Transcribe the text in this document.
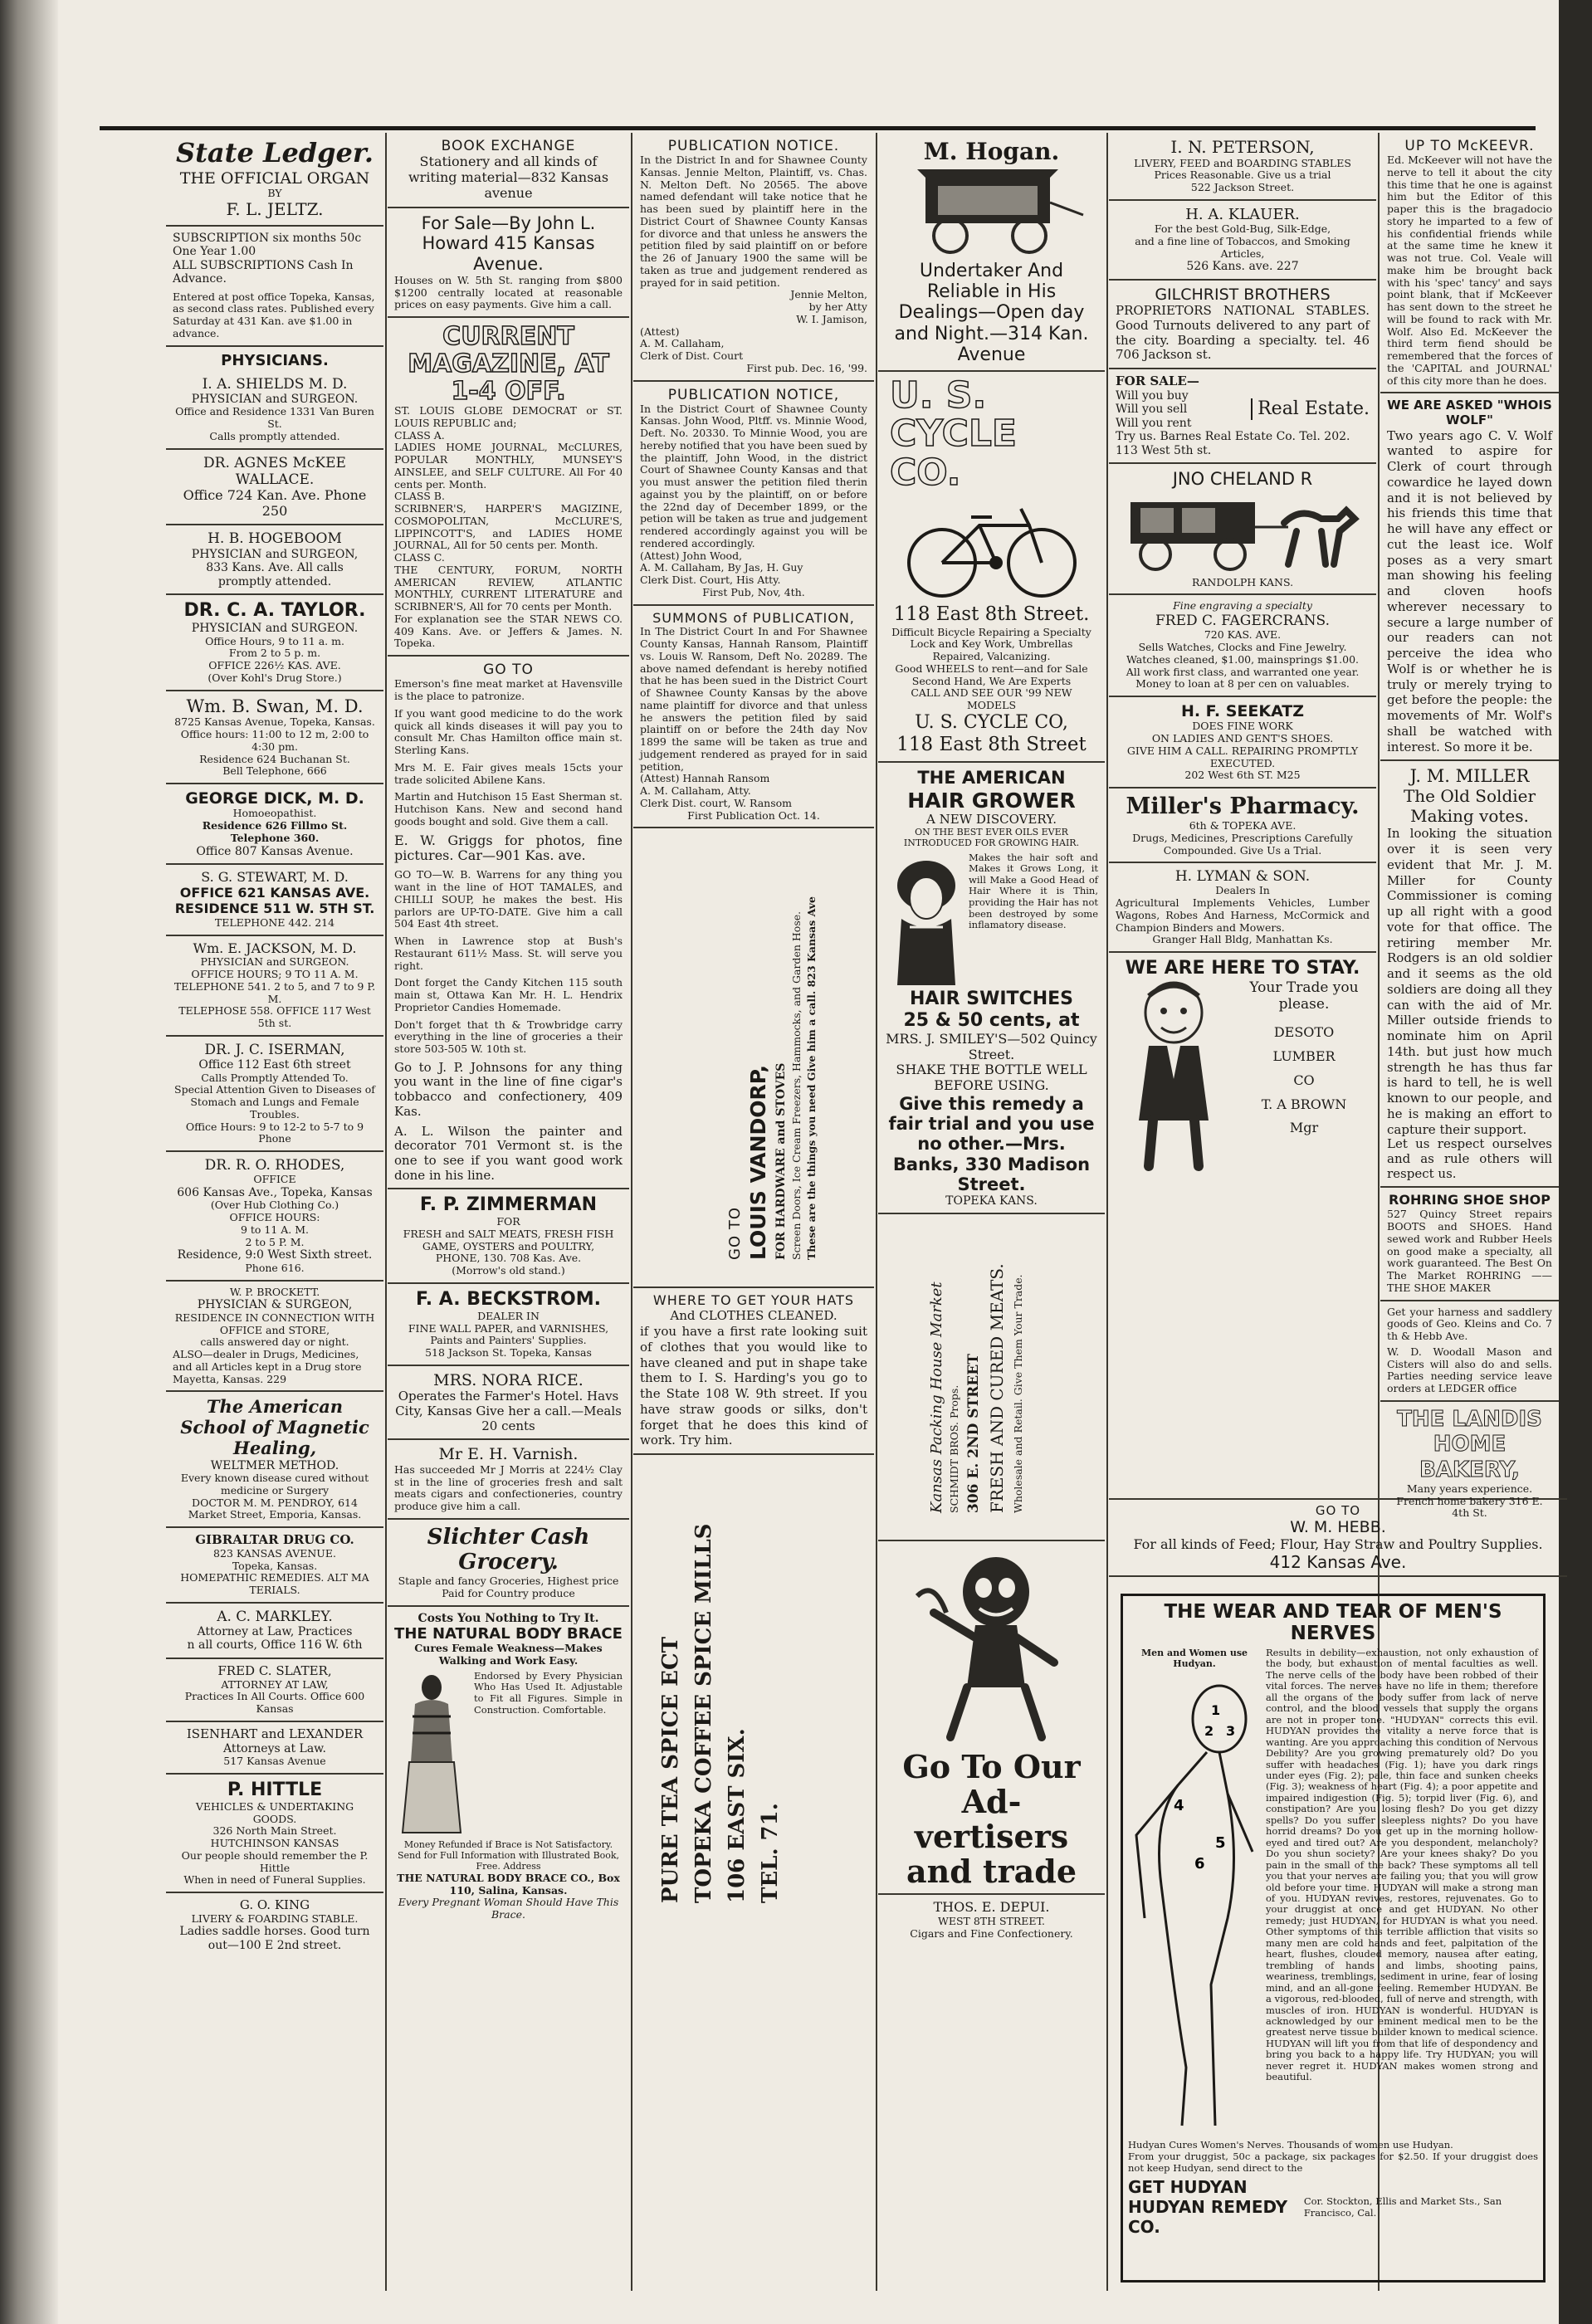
State Ledger.
THE OFFICIAL ORGAN
BY
F. L. JELTZ.
SUBSCRIPTION six months 50c
One Year 1.00
ALL SUBSCRIPTIONS Cash In Advance.
Entered at post office Topeka, Kansas, as second class rates. Published every Saturday at 431 Kan. ave $1.00 in advance.
PHYSICIANS.
I. A. SHIELDS M. D.
PHYSICIAN and SURGEON.
Office and Residence 1331 Van Buren St.
Calls promptly attended.
DR. AGNES McKEE WALLACE.
Office 724 Kan. Ave. Phone 250
H. B. HOGEBOOM
PHYSICIAN and SURGEON,
833 Kans. Ave. All calls
promptly attended.
DR. C. A. TAYLOR.
PHYSICIAN and SURGEON.
Office Hours, 9 to 11 a. m.
From 2 to 5 p. m.
OFFICE 226½ KAS. AVE.
(Over Kohl's Drug Store.)
Wm. B. Swan, M. D.
8725 Kansas Avenue, Topeka, Kansas.
Office hours: 11:00 to 12 m, 2:00 to 4:30 pm.
Residence 624 Buchanan St.
Bell Telephone, 666
GEORGE DICK, M. D.
Homoeopathist.
Residence 626 Fillmo St.
Telephone 360.
Office 807 Kansas Avenue.
S. G. STEWART, M. D.
OFFICE 621 KANSAS AVE.
RESIDENCE 511 W. 5TH ST.
TELEPHONE 442. 214
Wm. E. JACKSON, M. D.
PHYSICIAN and SURGEON.
OFFICE HOURS; 9 TO 11 A. M.
TELEPHONE 541. 2 to 5, and 7 to 9 P. M.
TELEPHOSE 558. OFFICE 117 West 5th st.
DR. J. C. ISERMAN,
Office 112 East 6th street
Calls Promptly Attended To.
Special Attention Given to Diseases of Stomach and Lungs and Female Troubles.
Office Hours: 9 to 12-2 to 5-7 to 9
Phone
DR. R. O. RHODES,
OFFICE
606 Kansas Ave., Topeka, Kansas
(Over Hub Clothing Co.)
OFFICE HOURS:
9 to 11 A. M.
2 to 5 P. M.
Residence, 9:0 West Sixth street.
Phone 616.
W. P. BROCKETT.
PHYSICIAN & SURGEON,
RESIDENCE IN CONNECTION WITH OFFICE and STORE,
calls answered day or night.
ALSO—dealer in Drugs, Medicines, and all Articles kept in a Drug store Mayetta, Kansas. 229
The American School of Magnetic Healing,
WELTMER METHOD.
Every known disease cured without medicine or Surgery
DOCTOR M. M. PENDROY, 614 Market Street, Emporia, Kansas.
GIBRALTAR DRUG CO.
823 KANSAS AVENUE.
Topeka, Kansas.
HOMEPATHIC REMEDIES. ALT MA TERIALS.
A. C. MARKLEY.
Attorney at Law, Practices
n all courts, Office 116 W. 6th
FRED C. SLATER,
ATTORNEY AT LAW,
Practices In All Courts. Office 600 Kansas
ISENHART and LEXANDER
Attorneys at Law.
517 Kansas Avenue
P. HITTLE
VEHICLES & UNDERTAKING GOODS.
326 North Main Street.
HUTCHINSON KANSAS
Our people should remember the P. Hittle
When in need of Funeral Supplies.
G. O. KING
LIVERY & FOARDING STABLE.
Ladies saddle horses. Good turn out—100 E 2nd street.
BOOK EXCHANGE
Stationery and all kinds of writing material—832 Kansas avenue
For Sale—By John L. Howard 415 Kansas Avenue.
Houses on W. 5th St. ranging from $800 $1200 centrally located at reasonable prices on easy payments. Give him a call.
CURRENT MAGAZINE, AT 1-4 OFF.
ST. LOUIS GLOBE DEMOCRAT or ST. LOUIS REPUBLIC and;
CLASS A.
LADIES HOME JOURNAL, McCLURES, POPULAR MONTHLY, MUNSEY'S AINSLEE, and SELF CULTURE. All For 40 cents per. Month.
CLASS B.
SCRIBNER'S, HARPER'S MAGIZINE, COSMOPOLITAN, McCLURE'S, LIPPINCOTT'S, and LADIES HOME JOURNAL, All for 50 cents per. Month.
CLASS C.
THE CENTURY, FORUM, NORTH AMERICAN REVIEW, ATLANTIC MONTHLY, CURRENT LITERATURE and SCRIBNER'S, All for 70 cents per Month.
For explanation see the STAR NEWS CO. 409 Kans. Ave. or Jeffers & James. N. Topeka.
GO TO
Emerson's fine meat market at Havensville is the place to patronize.
If you want good medicine to do the work quick all kinds diseases it will pay you to consult Mr. Chas Hamilton office main st. Sterling Kans.
Mrs M. E. Fair gives meals 15cts your trade solicited Abilene Kans.
Martin and Hutchison 15 East Sherman st. Hutchison Kans. New and second hand goods bought and sold. Give them a call.
E. W. Griggs for photos, fine pictures. Car—901 Kas. ave.
GO TO—W. B. Warrens for any thing you want in the line of HOT TAMALES, and CHILLI SOUP, he makes the best. His parlors are UP-TO-DATE. Give him a call 504 East 4th street.
When in Lawrence stop at Bush's Restaurant 611½ Mass. St. will serve you right.
Dont forget the Candy Kitchen 115 south main st, Ottawa Kan Mr. H. L. Hendrix Proprietor Candies Homemade.
Don't forget that th & Trowbridge carry everything in the line of groceries a their store 503-505 W. 10th st.
Go to J. P. Johnsons for any thing you want in the line of fine cigar's tobbacco and confectionery, 409 Kas.
A. L. Wilson the painter and decorator 701 Vermont st. is the one to see if you want good work done in his line.
F. P. ZIMMERMAN
FOR
FRESH and SALT MEATS, FRESH FISH GAME, OYSTERS and POULTRY,
PHONE, 130. 708 Kas. Ave.
(Morrow's old stand.)
F. A. BECKSTROM.
DEALER IN
FINE WALL PAPER, and VARNISHES, Paints and Painters' Supplies.
518 Jackson St. Topeka, Kansas
MRS. NORA RICE.
Operates the Farmer's Hotel. Havs City, Kansas Give her a call.—Meals 20 cents
Mr E. H. Varnish.
Has succeeded Mr J Morris at 224½ Clay st in the line of groceries fresh and salt meats cigars and confectioneries, country produce give him a call.
Slichter Cash Grocery.
Staple and fancy Groceries, Highest price Paid for Country produce
Costs You Nothing to Try It.
THE NATURAL BODY BRACE
Cures Female Weakness—Makes Walking and Work Easy.
Endorsed by Every Physician Who Has Used It. Adjustable to Fit all Figures. Simple in Construction. Comfortable.
Money Refunded if Brace is Not Satisfactory. Send for Full Information with Illustrated Book, Free. Address
THE NATURAL BODY BRACE CO., Box 110, Salina, Kansas.
Every Pregnant Woman Should Have This Brace.
PUBLICATION NOTICE.
In the District In and for Shawnee County Kansas. Jennie Melton, Plaintiff, vs. Chas. N. Melton Deft. No 20565. The above named defendant will take notice that he has been sued by plaintiff here in the District Court of Shawnee County Kansas for divorce and that unless he answers the petition filed by said plaintiff on or before the 26 of January 1900 the same will be taken as true and judgement rendered as prayed for in said petition.
Jennie Melton,
by her Atty
W. I. Jamison,
(Attest)
A. M. Callaham,
Clerk of Dist. Court
First pub. Dec. 16, '99.
PUBLICATION NOTICE,
In the District Court of Shawnee County Kansas. John Wood, Pltff. vs. Minnie Wood, Deft. No. 20330. To Minnie Wood, you are hereby notified that you have been sued by the plaintiff, John Wood, in the district Court of Shawnee County Kansas and that you must answer the petition filed therin against you by the plaintiff, on or before the 22nd day of December 1899, or the petion will be taken as true and judgement rendered accordingly against you will be rendered accordingly.
(Attest) John Wood,
A. M. Callaham, By Jas, H. Guy
Clerk Dist. Court, His Atty.
First Pub, Nov, 4th.
SUMMONS of PUBLICATION,
In The District Court In and For Shawnee County Kansas, Hannah Ransom, Plaintiff vs. Louis W. Ransom, Deft No. 20289. The above named defendant is hereby notified that he has been sued in the District Court of Shawnee County Kansas by the above name plaintiff for divorce and that unless he answers the petition filed by said plaintiff on or before the 24th day Nov 1899 the same will be taken as true and judgement rendered as prayed for in said petition,
(Attest) Hannah Ransom
A. M. Callaham, Atty.
Clerk Dist. court, W. Ransom
First Publication Oct. 14.
GO TO LOUIS VANDORP, FOR HARDWARE and STOVES Screen Doors, Ice Cream Freezers, Hammocks, and Garden Hose. These are the things you need Give him a call. 823 Kansas Ave
WHERE TO GET YOUR HATS
And CLOTHES CLEANED.
if you have a first rate looking suit of clothes that you would like to have cleaned and put in shape take them to I. S. Harding's you go to the State 108 W. 9th street. If you have straw goods or silks, don't forget that he does this kind of work. Try him.
PURE TEA SPICE ECT TOPEKA COFFEE SPICE MILLS 106 EAST SIX. TEL. 71.
M. Hogan.
Undertaker And Reliable in His Dealings—Open day and Night.—314 Kan. Avenue
U. S. CYCLE CO.
118 East 8th Street.
Difficult Bicycle Repairing a Specialty Lock and Key Work, Umbrellas Repaired, Valcanizing.
Good WHEELS to rent—and for Sale Second Hand, We Are Experts
CALL AND SEE OUR '99 NEW MODELS
U. S. CYCLE CO,
118 East 8th Street
THE AMERICAN
HAIR GROWER
A NEW DISCOVERY.
ON THE BEST EVER OILS EVER INTRODUCED FOR GROWING HAIR.
Makes the hair soft and Makes it Grows Long, it will Make a Good Head of Hair Where it is Thin, providing the Hair has not been destroyed by some inflamatory disease.
HAIR SWITCHES
25 & 50 cents, at
MRS. J. SMILEY'S—502 Quincy Street.
SHAKE THE BOTTLE WELL BEFORE USING.
Give this remedy a fair trial and you use no other.—Mrs. Banks, 330 Madison Street.
TOPEKA KANS.
Kansas Packing House Market SCHMIDT BROS. Props. 306 E. 2ND STREET FRESH AND CURED MEATS. Wholesale and Retail. Give Them Your Trade.
Go To Our Ad-
vertisers
and trade
THOS. E. DEPUI.
WEST 8TH STREET.
Cigars and Fine Confectionery.
I. N. PETERSON,
LIVERY, FEED and BOARDING STABLES
Prices Reasonable. Give us a trial
522 Jackson Street.
H. A. KLAUER.
For the best Gold-Bug, Silk-Edge,
and a fine line of Tobaccos, and Smoking Articles,
526 Kans. ave. 227
GILCHRIST BROTHERS
PROPRIETORS NATIONAL STABLES. Good Turnouts delivered to any part of the city. Boarding a specialty. tel. 46 706 Jackson st.
FOR SALE—
Will you buy
Will you sell
Will you rent
Real Estate.
Try us. Barnes Real Estate Co. Tel. 202. 113 West 5th st.
JNO CHELAND R
RANDOLPH KANS.
Fine engraving a specialty
FRED C. FAGERCRANS.
720 KAS. AVE.
Sells Watches, Clocks and Fine Jewelry.
Watches cleaned, $1.00, mainsprings $1.00.
All work first class, and warranted one year.
Money to loan at 8 per cen on valuables.
H. F. SEEKATZ
DOES FINE WORK
ON LADIES AND GENT'S SHOES.
GIVE HIM A CALL. REPAIRING PROMPTLY EXECUTED.
202 West 6th ST. M25
Miller's Pharmacy.
6th & TOPEKA AVE.
Drugs, Medicines, Prescriptions Carefully Compounded. Give Us a Trial.
H. LYMAN & SON.
Dealers In
Agricultural Implements Vehicles, Lumber Wagons, Robes And Harness, McCormick and Champion Binders and Mowers.
Granger Hall Bldg, Manhattan Ks.
WE ARE HERE TO STAY.
Your Trade you please.
DESOTO
LUMBER
CO
T. A BROWN
Mgr
GO TO
W. M. HEBB.
For all kinds of Feed; Flour, Hay Straw and Poultry Supplies.
412 Kansas Ave.
UP TO McKEEVR.
Ed. McKeever will not have the nerve to tell it about the city this time that he one is against him but the Editor of this paper this is the bragadocio story he imparted to a few of his confidential friends while at the same time he knew it was not true. Col. Veale will make him be brought back with his 'spec' tancy' and says point blank, that if McKeever has sent down to the street he will be found to rack with Mr. Wolf. Also Ed. McKeever the third term fiend should be remembered that the forces of the 'CAPITAL and JOURNAL' of this city more than he does.
WE ARE ASKED "WHOIS WOLF"
Two years ago C. V. Wolf wanted to aspire for Clerk of court through cowardice he layed down and it is not believed by his friends this time that he will have any effect or cut the least ice. Wolf poses as a very smart man showing his feeling and cloven hoofs wherever necessary to secure a large number of our readers can not perceive the idea who Wolf is or whether he is truly or merely trying to get before the people: the movements of Mr. Wolf's shall be watched with interest. So more it be.
J. M. MILLER
The Old Soldier Making votes.
In looking the situation over it is seen very evident that Mr. J. M. Miller for County Commissioner is coming up all right with a good vote for that office. The retiring member Mr. Rodgers is an old soldier and it seems as the old soldiers are doing all they can with the aid of Mr. Miller outside friends to nominate him on April 14th. but just how much strength he has thus far is hard to tell, he is well known to our people, and he is making an effort to capture their support.
Let us respect ourselves and as rule others will respect us.
ROHRING SHOE SHOP
527 Quincy Street repairs BOOTS and SHOES. Hand sewed work and Rubber Heels on good make a specialty, all work guaranteed. The Best On The Market ROHRING —— THE SHOE MAKER
Get your harness and saddlery goods of Geo. Kleins and Co. 7 th & Hebb Ave.
W. D. Woodall Mason and Cisters will also do and sells. Parties needing service leave orders at LEDGER office
THE LANDIS HOME BAKERY,
Many years experience. French home bakery 316 E. 4th St.
THE WEAR AND TEAR OF MEN'S NERVES
Men and Women use Hudyan.
1
2 3
4
5
6
Results in debility—exhaustion, not only exhaustion of the body, but exhaustion of mental faculties as well. The nerve cells of the body have been robbed of their vital forces. The nerves have no life in them; therefore all the organs of the body suffer from lack of nerve control, and the blood vessels that supply the organs are not in proper tone. "HUDYAN" corrects this evil. HUDYAN provides the vitality a nerve force that is wanting. Are you approaching this condition of Nervous Debility? Are you growing prematurely old? Do you suffer with headaches (Fig. 1); have you dark rings under eyes (Fig. 2); pale, thin face and sunken cheeks (Fig. 3); weakness of heart (Fig. 4); a poor appetite and impaired indigestion (Fig. 5); torpid liver (Fig. 6), and constipation? Are you losing flesh? Do you get dizzy spells? Do you suffer sleepless nights? Do you have horrid dreams? Do you get up in the morning hollow-eyed and tired out? Are you despondent, melancholy? Do you shun society? Are your knees shaky? Do you pain in the small of the back? These symptoms all tell you that your nerves are failing you; that you will grow old before your time. HUDYAN will make a strong man of you. HUDYAN revives, restores, rejuvenates. Go to your druggist at once and get HUDYAN. No other remedy; just HUDYAN, for HUDYAN is what you need. Other symptoms of this terrible affliction that visits so many men are cold hands and feet, palpitation of the heart, flushes, clouded memory, nausea after eating, trembling of hands and limbs, shooting pains, weariness, tremblings, sediment in urine, fear of losing mind, and an all-gone feeling. Remember HUDYAN. Be a vigorous, red-blooded, full of nerve and strength, with muscles of iron. HUDYAN is wonderful. HUDYAN is acknowledged by our eminent medical men to be the greatest nerve tissue builder known to medical science. HUDYAN will lift you from that life of despondency and bring you back to a happy life. Try HUDYAN; you will never regret it. HUDYAN makes women strong and beautiful.
Hudyan Cures Women's Nerves. Thousands of women use Hudyan.
From your druggist, 50c a package, six packages for $2.50. If your druggist does not keep Hudyan, send direct to the
GET HUDYAN
HUDYAN REMEDY CO.
Cor. Stockton, Ellis and Market Sts., San Francisco, Cal.
